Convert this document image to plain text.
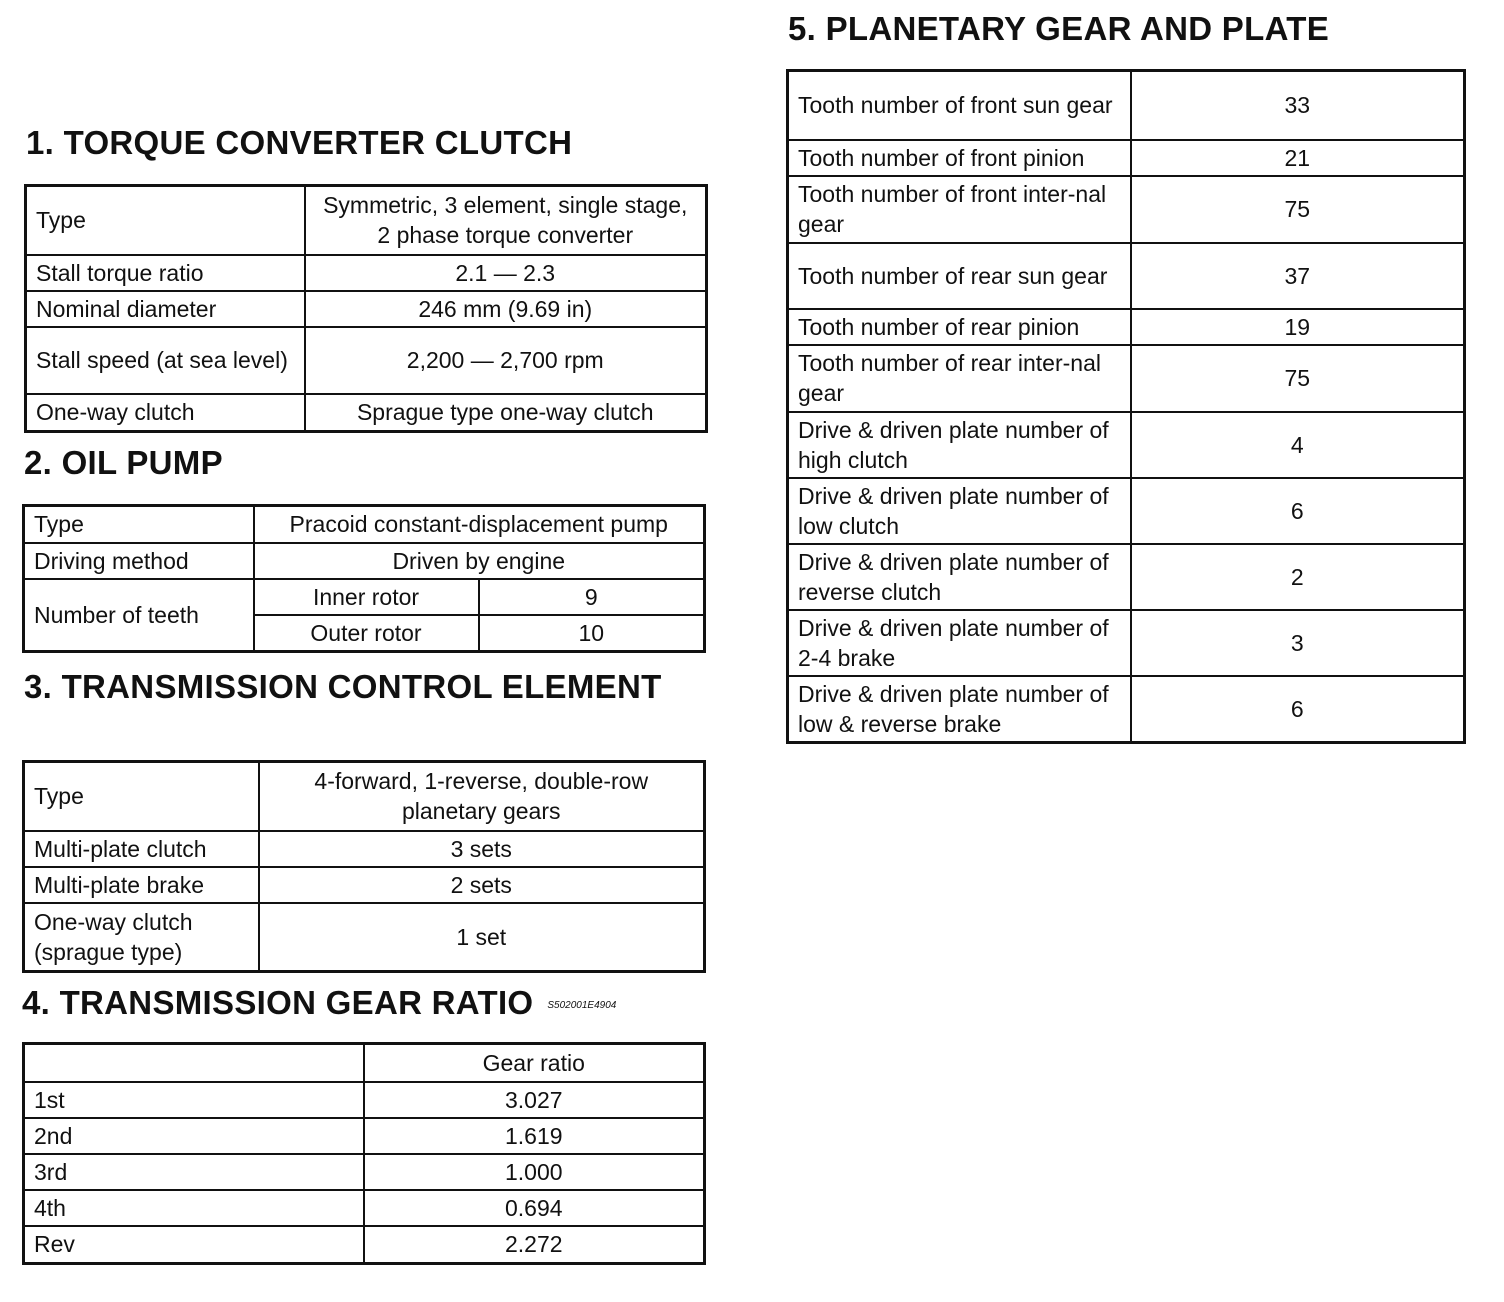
1. TORQUE CONVERTER CLUTCH
Type	Symmetric, 3 element, single stage, 2 phase torque converter
Stall torque ratio	2.1 — 2.3
Nominal diameter	246 mm (9.69 in)
Stall speed (at sea level)	2,200 — 2,700 rpm
One-way clutch	Sprague type one-way clutch
2. OIL PUMP
Type	Pracoid constant-displacement pump	
Driving method	Driven by engine	
Number of teeth	Inner rotor	9
	Outer rotor	10
3. TRANSMISSION CONTROL ELEMENT
Type	4-forward, 1-reverse, double-row planetary gears
Multi-plate clutch	3 sets
Multi-plate brake	2 sets
One-way clutch (sprague type)	1 set
4. TRANSMISSION GEAR RATIO S502001E4904
	Gear ratio
1st	3.027
2nd	1.619
3rd	1.000
4th	0.694
Rev	2.272
5. PLANETARY GEAR AND PLATE
Tooth number of front sun gear	33
Tooth number of front pinion	21
Tooth number of front inter-nal gear	75
Tooth number of rear sun gear	37
Tooth number of rear pinion	19
Tooth number of rear inter-nal gear	75
Drive & driven plate number of high clutch	4
Drive & driven plate number of low clutch	6
Drive & driven plate number of reverse clutch	2
Drive & driven plate number of 2-4 brake	3
Drive & driven plate number of low & reverse brake	6
